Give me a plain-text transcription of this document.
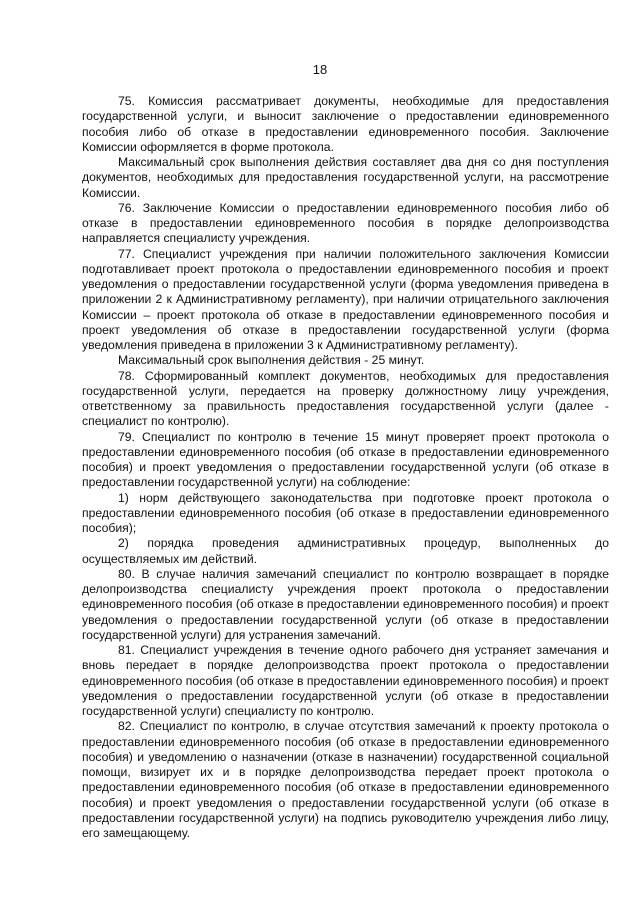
18

75. Комиссия рассматривает документы, необходимые для предоставления государственной услуги, и выносит заключение о предоставлении единовременного пособия либо об отказе в предоставлении единовременного пособия. Заключение Комиссии оформляется в форме протокола.

Максимальный срок выполнения действия составляет два дня со дня поступления документов, необходимых для предоставления государственной услуги, на рассмотрение Комиссии.

76. Заключение Комиссии о предоставлении единовременного пособия либо об отказе в предоставлении единовременного пособия в порядке делопроизводства направляется специалисту учреждения.

77. Специалист учреждения при наличии положительного заключения Комиссии подготавливает проект протокола о предоставлении единовременного пособия и проект уведомления о предоставлении государственной услуги (форма уведомления приведена в приложении 2 к Административному регламенту), при наличии отрицательного заключения Комиссии – проект протокола об отказе в предоставлении единовременного пособия и проект уведомления об отказе в предоставлении государственной услуги (форма уведомления приведена в приложении 3 к Административному регламенту).

Максимальный срок выполнения действия - 25 минут.

78. Сформированный комплект документов, необходимых для предоставления государственной услуги, передается на проверку должностному лицу учреждения, ответственному за правильность предоставления государственной услуги (далее - специалист по контролю).

79. Специалист по контролю в течение 15 минут проверяет проект протокола о предоставлении единовременного пособия (об отказе в предоставлении единовременного пособия) и проект уведомления о предоставлении государственной услуги (об отказе в предоставлении государственной услуги) на соблюдение:

1) норм действующего законодательства при подготовке проект протокола о предоставлении единовременного пособия (об отказе в предоставлении единовременного пособия);

2) порядка проведения административных процедур, выполненных до осуществляемых им действий.

80. В случае наличия замечаний специалист по контролю возвращает в порядке делопроизводства специалисту учреждения проект протокола о предоставлении единовременного пособия (об отказе в предоставлении единовременного пособия) и проект уведомления о предоставлении государственной услуги (об отказе в предоставлении государственной услуги) для устранения замечаний.

81. Специалист учреждения в течение одного рабочего дня устраняет замечания и вновь передает в порядке делопроизводства проект протокола о предоставлении единовременного пособия (об отказе в предоставлении единовременного пособия) и проект уведомления о предоставлении государственной услуги (об отказе в предоставлении государственной услуги) специалисту по контролю.

82. Специалист по контролю, в случае отсутствия замечаний к проекту протокола о предоставлении единовременного пособия (об отказе в предоставлении единовременного пособия) и уведомлению о назначении (отказе в назначении) государственной социальной помощи, визирует их и в порядке делопроизводства передает проект протокола о предоставлении единовременного пособия (об отказе в предоставлении единовременного пособия) и проект уведомления о предоставлении государственной услуги (об отказе в предоставлении государственной услуги) на подпись руководителю учреждения либо лицу, его замещающему.
